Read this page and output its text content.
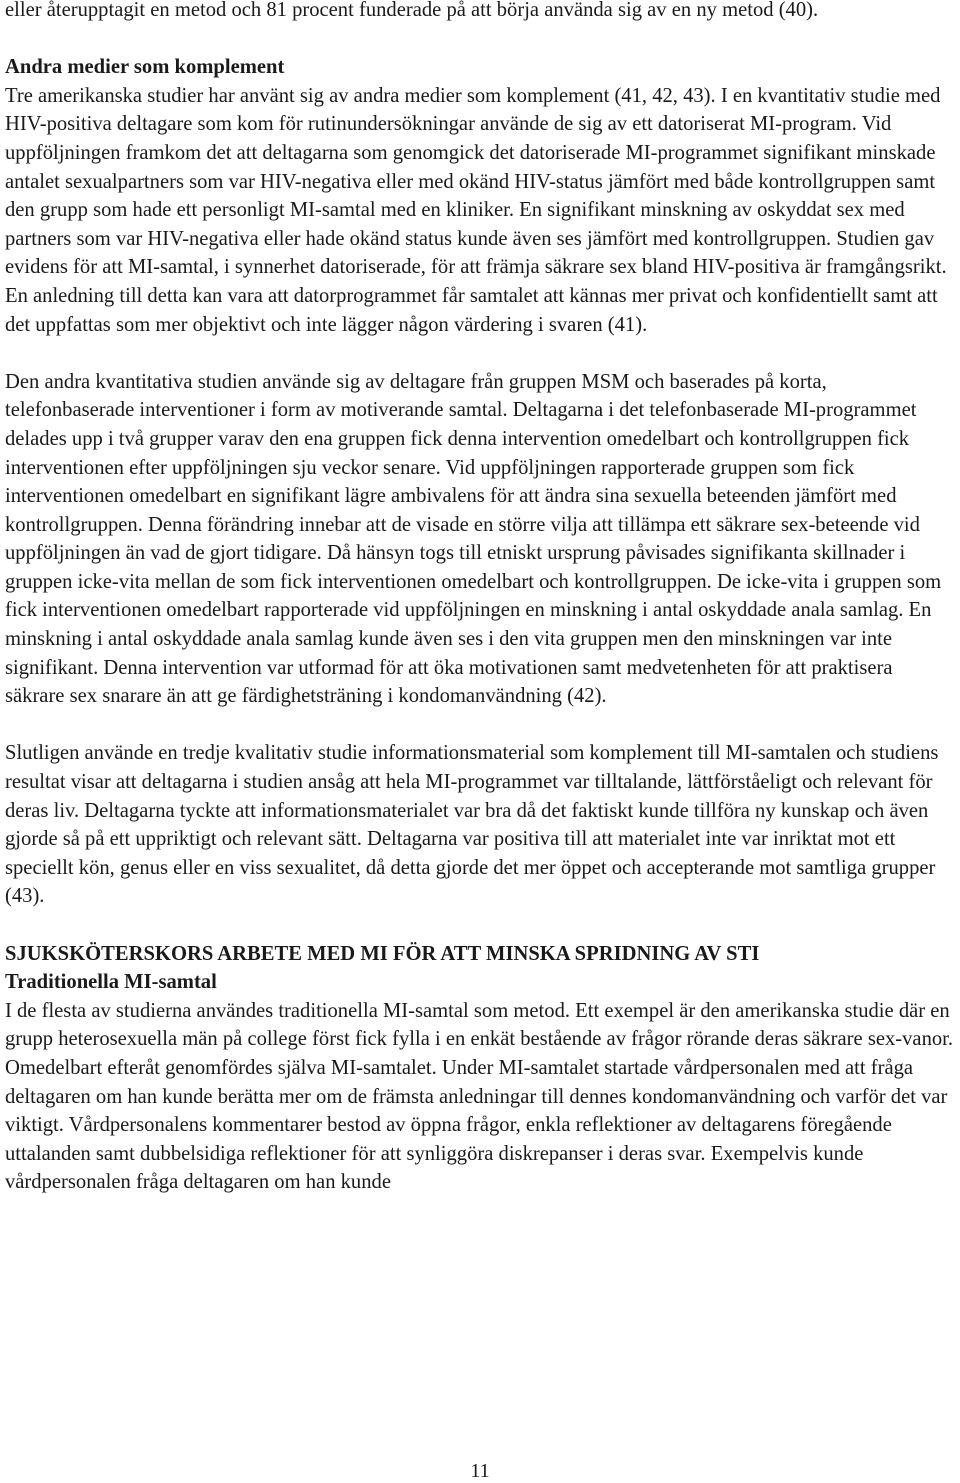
eller återupptagit en metod och 81 procent funderade på att börja använda sig av en ny metod (40).

Andra medier som komplement

Tre amerikanska studier har använt sig av andra medier som komplement (41, 42, 43). I en kvantitativ studie med HIV-positiva deltagare som kom för rutinundersökningar använde de sig av ett datoriserat MI-program. Vid uppföljningen framkom det att deltagarna som genomgick det datoriserade MI-programmet signifikant minskade antalet sexualpartners som var HIV-negativa eller med okänd HIV-status jämfört med både kontrollgruppen samt den grupp som hade ett personligt MI-samtal med en kliniker. En signifikant minskning av oskyddat sex med partners som var HIV-negativa eller hade okänd status kunde även ses jämfört med kontrollgruppen. Studien gav evidens för att MI-samtal, i synnerhet datoriserade, för att främja säkrare sex bland HIV-positiva är framgångsrikt. En anledning till detta kan vara att datorprogrammet får samtalet att kännas mer privat och konfidentiellt samt att det uppfattas som mer objektivt och inte lägger någon värdering i svaren (41).

Den andra kvantitativa studien använde sig av deltagare från gruppen MSM och baserades på korta, telefonbaserade interventioner i form av motiverande samtal. Deltagarna i det telefonbaserade MI-programmet delades upp i två grupper varav den ena gruppen fick denna intervention omedelbart och kontrollgruppen fick interventionen efter uppföljningen sju veckor senare. Vid uppföljningen rapporterade gruppen som fick interventionen omedelbart en signifikant lägre ambivalens för att ändra sina sexuella beteenden jämfört med kontrollgruppen. Denna förändring innebar att de visade en större vilja att tillämpa ett säkrare sex-beteende vid uppföljningen än vad de gjort tidigare. Då hänsyn togs till etniskt ursprung påvisades signifikanta skillnader i gruppen icke-vita mellan de som fick interventionen omedelbart och kontrollgruppen. De icke-vita i gruppen som fick interventionen omedelbart rapporterade vid uppföljningen en minskning i antal oskyddade anala samlag. En minskning i antal oskyddade anala samlag kunde även ses i den vita gruppen men den minskningen var inte signifikant. Denna intervention var utformad för att öka motivationen samt medvetenheten för att praktisera säkrare sex snarare än att ge färdighetsträning i kondomanvändning (42).

Slutligen använde en tredje kvalitativ studie informationsmaterial som komplement till MI-samtalen och studiens resultat visar att deltagarna i studien ansåg att hela MI-programmet var tilltalande, lättförståeligt och relevant för deras liv. Deltagarna tyckte att informationsmaterialet var bra då det faktiskt kunde tillföra ny kunskap och även gjorde så på ett uppriktigt och relevant sätt. Deltagarna var positiva till att materialet inte var inriktat mot ett speciellt kön, genus eller en viss sexualitet, då detta gjorde det mer öppet och accepterande mot samtliga grupper (43).

SJUKSKÖTERSKORS ARBETE MED MI FÖR ATT MINSKA SPRIDNING AV STI
Traditionella MI-samtal

I de flesta av studierna användes traditionella MI-samtal som metod. Ett exempel är den amerikanska studie där en grupp heterosexuella män på college först fick fylla i en enkät bestående av frågor rörande deras säkrare sex-vanor. Omedelbart efteråt genomfördes själva MI-samtalet. Under MI-samtalet startade vårdpersonalen med att fråga deltagaren om han kunde berätta mer om de främsta anledningar till dennes kondomanvändning och varför det var viktigt. Vårdpersonalens kommentarer bestod av öppna frågor, enkla reflektioner av deltagarens föregående uttalanden samt dubbelsidiga reflektioner för att synliggöra diskrepanser i deras svar. Exempelvis kunde vårdpersonalen fråga deltagaren om han kunde

11
